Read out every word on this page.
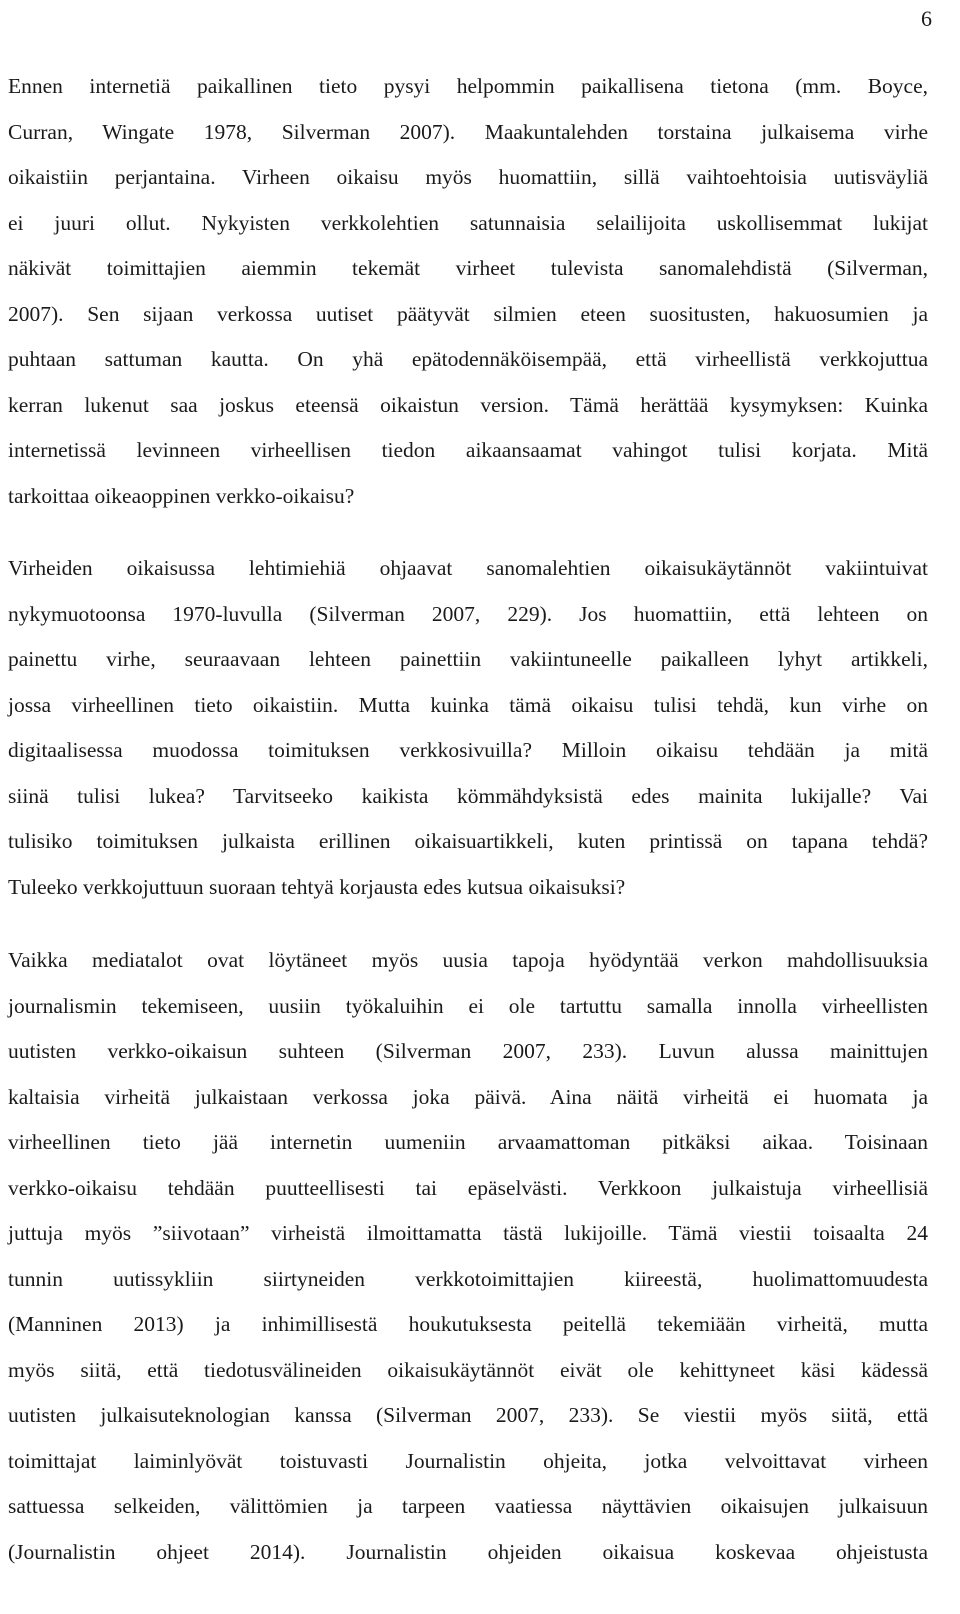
6
Ennen internetiä paikallinen tieto pysyi helpommin paikallisena tietona (mm. Boyce,
Curran, Wingate 1978, Silverman 2007). Maakuntalehden torstaina julkaisema virhe
oikaistiin perjantaina. Virheen oikaisu myös huomattiin, sillä vaihtoehtoisia uutisväyliä
ei juuri ollut. Nykyisten verkkolehtien satunnaisia selailijoita uskollisemmat lukijat
näkivät toimittajien aiemmin tekemät virheet tulevista sanomalehdistä (Silverman,
2007). Sen sijaan verkossa uutiset päätyvät silmien eteen suositusten, hakuosumien ja
puhtaan sattuman kautta. On yhä epätodennäköisempää, että virheellistä verkkojuttua
kerran lukenut saa joskus eteensä oikaistun version. Tämä herättää kysymyksen: Kuinka
internetissä levinneen virheellisen tiedon aikaansaamat vahingot tulisi korjata. Mitä
tarkoittaa oikeaoppinen verkko-oikaisu?
Virheiden oikaisussa lehtimiehiä ohjaavat sanomalehtien oikaisukäytännöt vakiintuivat
nykymuotoonsa 1970-luvulla (Silverman 2007, 229). Jos huomattiin, että lehteen on
painettu virhe, seuraavaan lehteen painettiin vakiintuneelle paikalleen lyhyt artikkeli,
jossa virheellinen tieto oikaistiin. Mutta kuinka tämä oikaisu tulisi tehdä, kun virhe on
digitaalisessa muodossa toimituksen verkkosivuilla? Milloin oikaisu tehdään ja mitä
siinä tulisi lukea? Tarvitseeko kaikista kömmähdyksistä edes mainita lukijalle? Vai
tulisiko toimituksen julkaista erillinen oikaisuartikkeli, kuten printissä on tapana tehdä?
Tuleeko verkkojuttuun suoraan tehtyä korjausta edes kutsua oikaisuksi?
Vaikka mediatalot ovat löytäneet myös uusia tapoja hyödyntää verkon mahdollisuuksia
journalismin tekemiseen, uusiin työkaluihin ei ole tartuttu samalla innolla virheellisten
uutisten verkko-oikaisun suhteen (Silverman 2007, 233). Luvun alussa mainittujen
kaltaisia virheitä julkaistaan verkossa joka päivä. Aina näitä virheitä ei huomata ja
virheellinen tieto jää internetin uumeniin arvaamattoman pitkäksi aikaa. Toisinaan
verkko-oikaisu tehdään puutteellisesti tai epäselvästi. Verkkoon julkaistuja virheellisiä
juttuja myös ”siivotaan” virheistä ilmoittamatta tästä lukijoille. Tämä viestii toisaalta 24
tunnin uutissykliin siirtyneiden verkkotoimittajien kiireestä, huolimattomuudesta
(Manninen 2013) ja inhimillisestä houkutuksesta peitellä tekemiään virheitä, mutta
myös siitä, että tiedotusvälineiden oikaisukäytännöt eivät ole kehittyneet käsi kädessä
uutisten julkaisuteknologian kanssa (Silverman 2007, 233). Se viestii myös siitä, että
toimittajat laiminlyövät toistuvasti Journalistin ohjeita, jotka velvoittavat virheen
sattuessa selkeiden, välittömien ja tarpeen vaatiessa näyttävien oikaisujen julkaisuun
(Journalistin ohjeet 2014). Journalistin ohjeiden oikaisua koskevaa ohjeistusta
